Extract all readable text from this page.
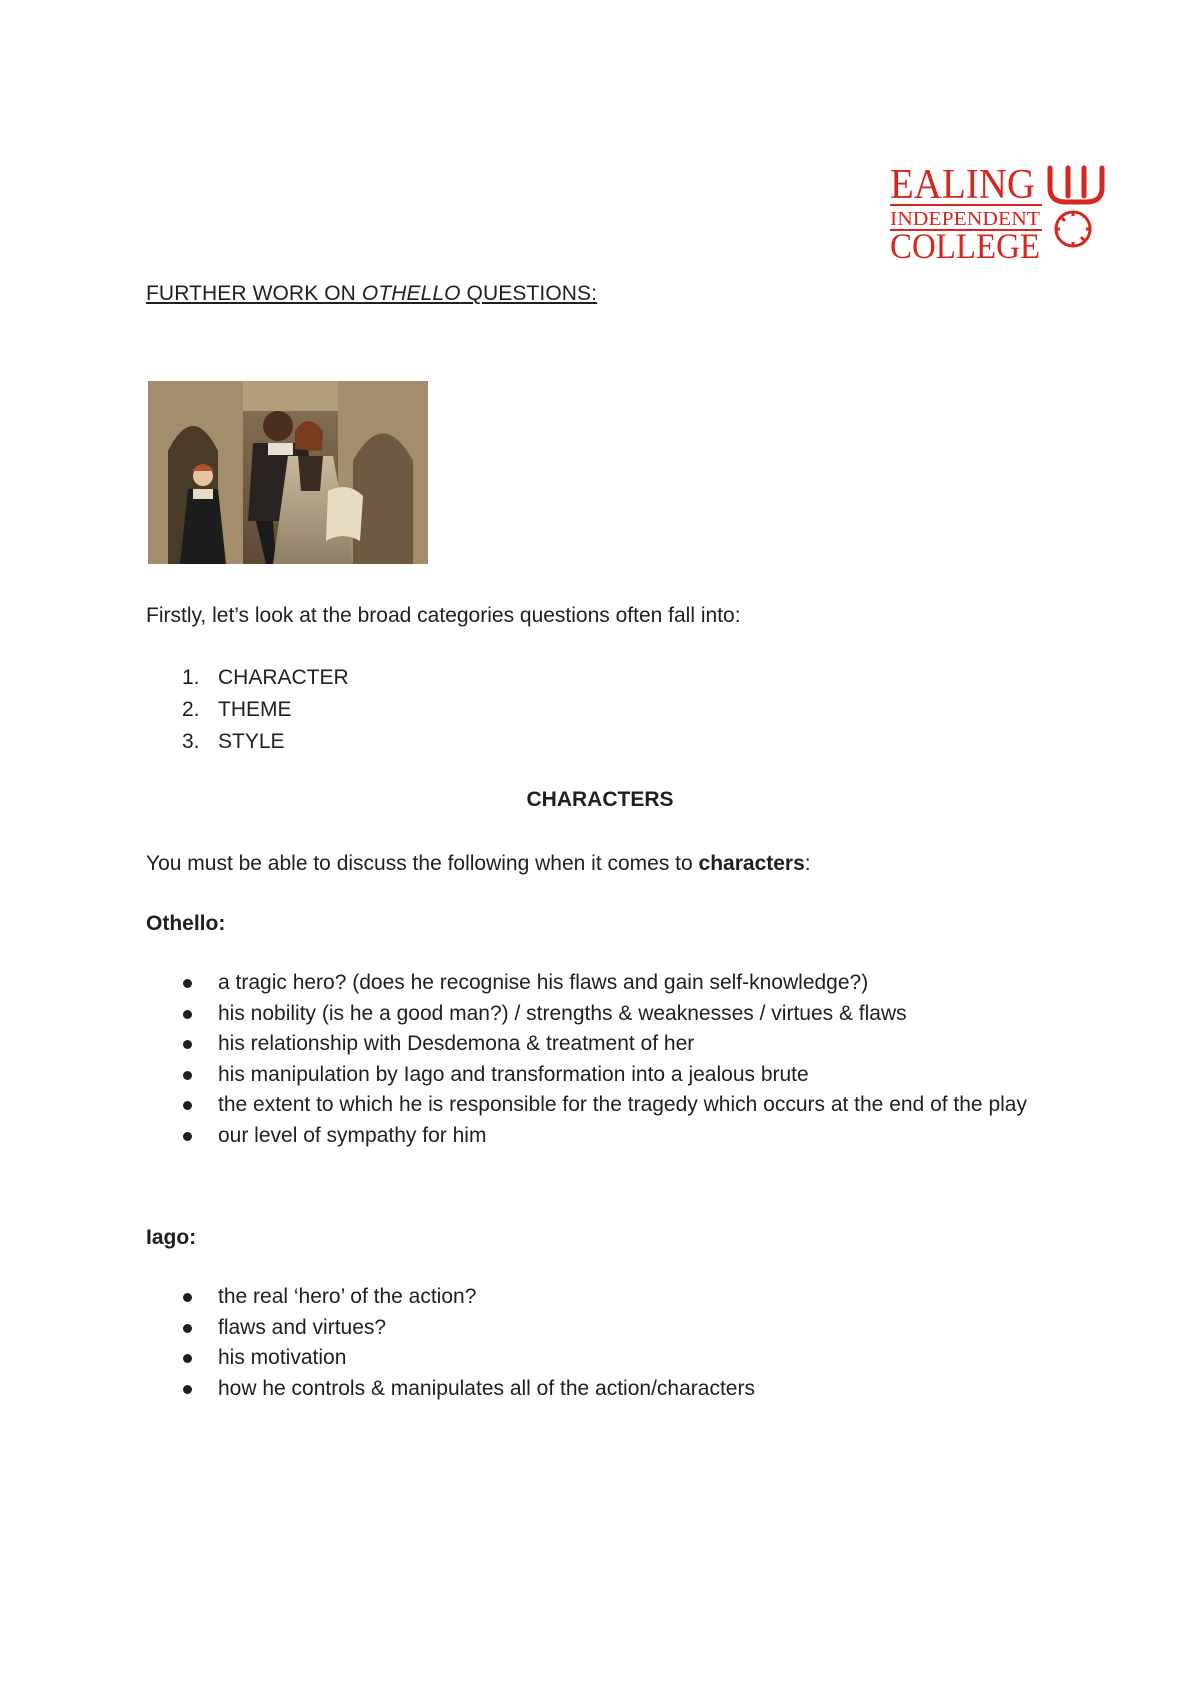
EALING
INDEPENDENT
COLLEGE
FURTHER WORK ON OTHELLO QUESTIONS:
Firstly, let’s look at the broad categories questions often fall into:
1. CHARACTER
2. THEME
3. STYLE
CHARACTERS
You must be able to discuss the following when it comes to characters:
Othello:
a tragic hero? (does he recognise his flaws and gain self-knowledge?)
his nobility (is he a good man?) / strengths & weaknesses / virtues & flaws
his relationship with Desdemona & treatment of her
his manipulation by Iago and transformation into a jealous brute
the extent to which he is responsible for the tragedy which occurs at the end of the play
our level of sympathy for him
Iago:
the real ‘hero’ of the action?
flaws and virtues?
his motivation
how he controls & manipulates all of the action/characters
